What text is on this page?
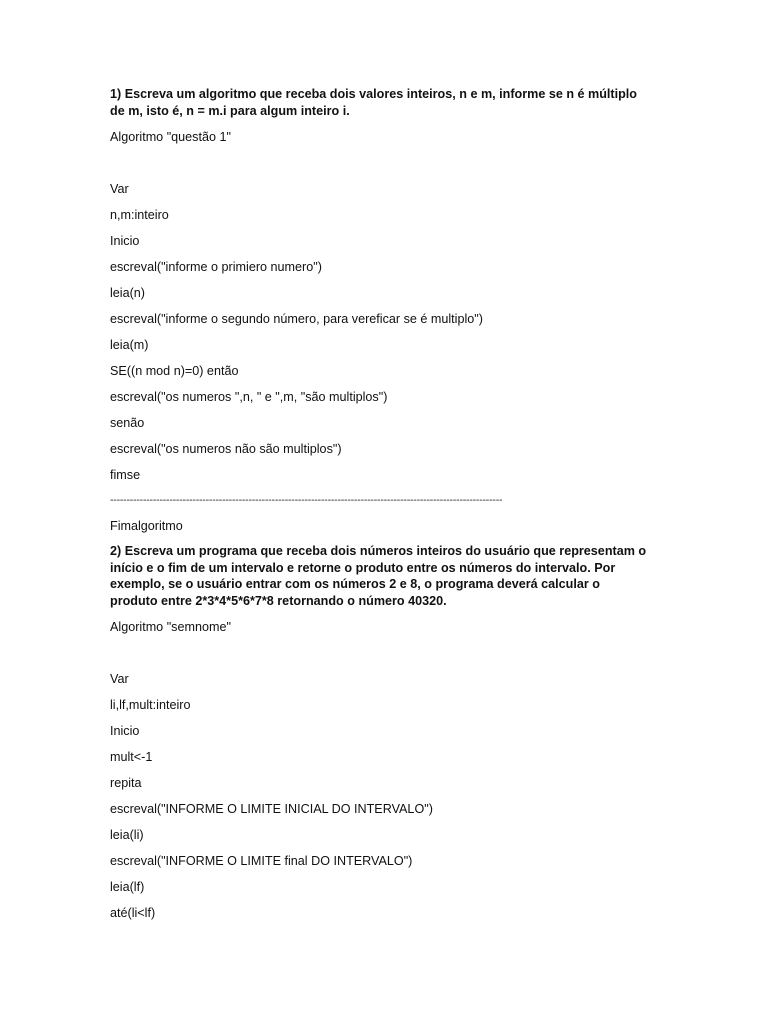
1) Escreva um algoritmo que receba dois valores inteiros, n e m, informe se n é múltiplo de m, isto é, n = m.i para algum inteiro i.

Algoritmo "questão 1"

Var

n,m:inteiro

Inicio

escreval("informe o primiero numero")

leia(n)

escreval("informe o segundo número, para vereficar se é multiplo")

leia(m)

SE((n mod n)=0) então

escreval("os numeros ",n, " e ",m, "são multiplos")

senão

escreval("os numeros não são multiplos")

fimse

-----------------------------------------------------------------------------------------------------------------------

Fimalgoritmo

2) Escreva um programa que receba dois números inteiros do usuário que representam o início e o fim de um intervalo e retorne o produto entre os números do intervalo. Por exemplo, se o usuário entrar com os números 2 e 8, o programa deverá calcular o produto entre 2*3*4*5*6*7*8 retornando o número 40320.

Algoritmo "semnome"

Var

li,lf,mult:inteiro

Inicio

mult<-1

repita

escreval("INFORME O LIMITE INICIAL DO INTERVALO")

leia(li)

escreval("INFORME O LIMITE final DO INTERVALO")

leia(lf)

até(li<lf)
